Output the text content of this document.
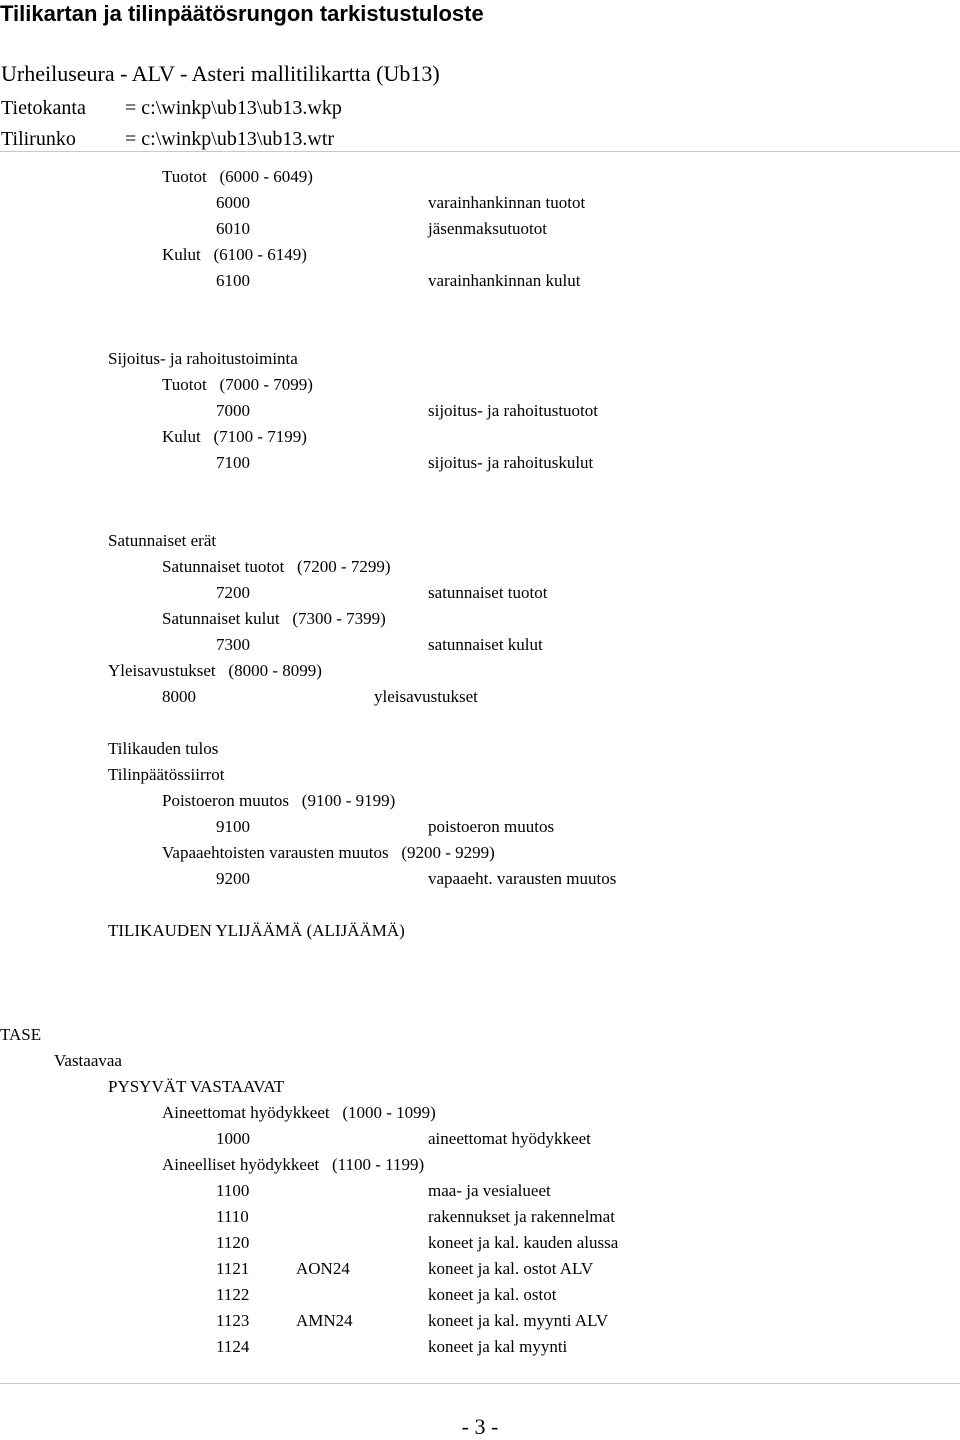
Tilikartan ja tilinpäätösrungon tarkistustuloste
Urheiluseura - ALV - Asteri mallitilikartta (Ub13)
Tietokanta = c:\winkp\ub13\ub13.wkp
Tilirunko = c:\winkp\ub13\ub13.wtr
Tuotot   (6000 - 6049)
6000	varainhankinnan tuotot
6010	jäsenmaksutuotot
Kulut   (6100 - 6149)
6100	varainhankinnan kulut
Sijoitus- ja rahoitustoiminta
Tuotot   (7000 - 7099)
7000	sijoitus- ja rahoitustuotot
Kulut   (7100 - 7199)
7100	sijoitus- ja rahoituskulut
Satunnaiset erät
Satunnaiset tuotot   (7200 - 7299)
7200	satunnaiset tuotot
Satunnaiset kulut   (7300 - 7399)
7300	satunnaiset kulut
Yleisavustukset   (8000 - 8099)
8000	yleisavustukset
Tilikauden tulos
Tilinpäätössiirrot
Poistoeron muutos   (9100 - 9199)
9100	poistoeron muutos
Vapaaehtoisten varausten muutos   (9200 - 9299)
9200	vapaaeht. varausten muutos
TILIKAUDEN YLIJÄÄMÄ (ALIJÄÄMÄ)
TASE
Vastaavaa
PYSYVÄT VASTAAVAT
Aineettomat hyödykkeet   (1000 - 1099)
1000	aineettomat hyödykkeet
Aineelliset hyödykkeet   (1100 - 1199)
1100	maa- ja vesialueet
1110	rakennukset ja rakennelmat
1120	koneet ja kal. kauden alussa
1121	AON24	koneet ja kal. ostot ALV
1122	koneet ja kal. ostot
1123	AMN24	koneet ja kal. myynti ALV
1124	koneet ja kal myynti
- 3 -
